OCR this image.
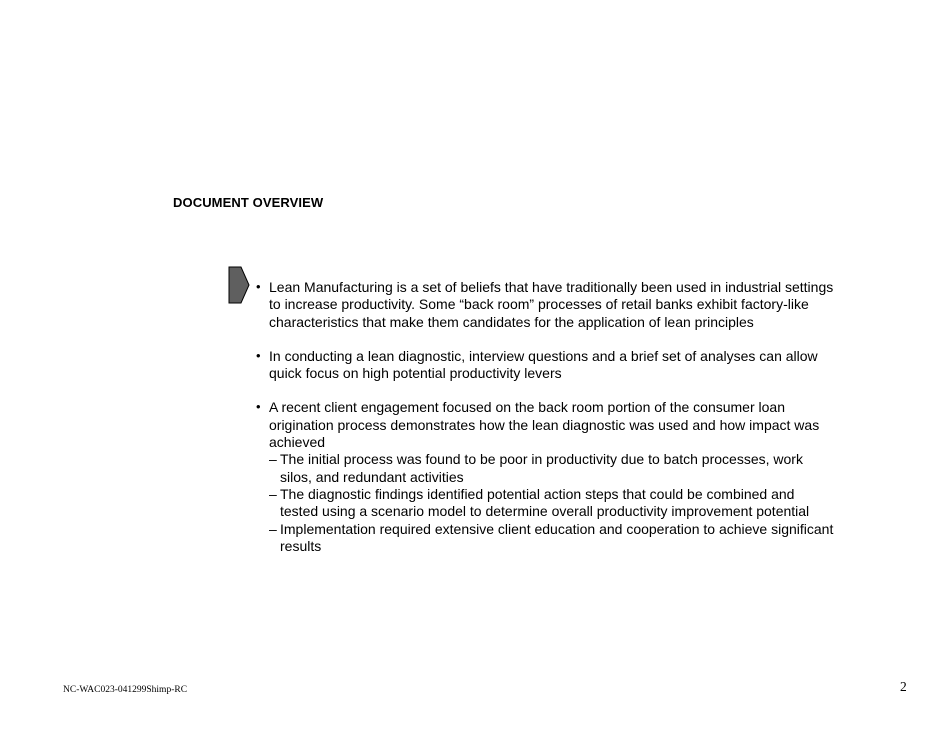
DOCUMENT OVERVIEW
• Lean Manufacturing is a set of beliefs that have traditionally been used in industrial settings to increase productivity. Some “back room” processes of retail banks exhibit factory-like characteristics that make them candidates for the application of lean principles
• In conducting a lean diagnostic, interview questions and a brief set of analyses can allow quick focus on high potential productivity levers
• A recent client engagement focused on the back room portion of the consumer loan origination process demonstrates how the lean diagnostic was used and how impact was achieved
– The initial process was found to be poor in productivity due to batch processes, work silos, and redundant activities
– The diagnostic findings identified potential action steps that could be combined and tested using a scenario model to determine overall productivity improvement potential
– Implementation required extensive client education and cooperation to achieve significant results
NC-WAC023-041299Shimp-RC	2
